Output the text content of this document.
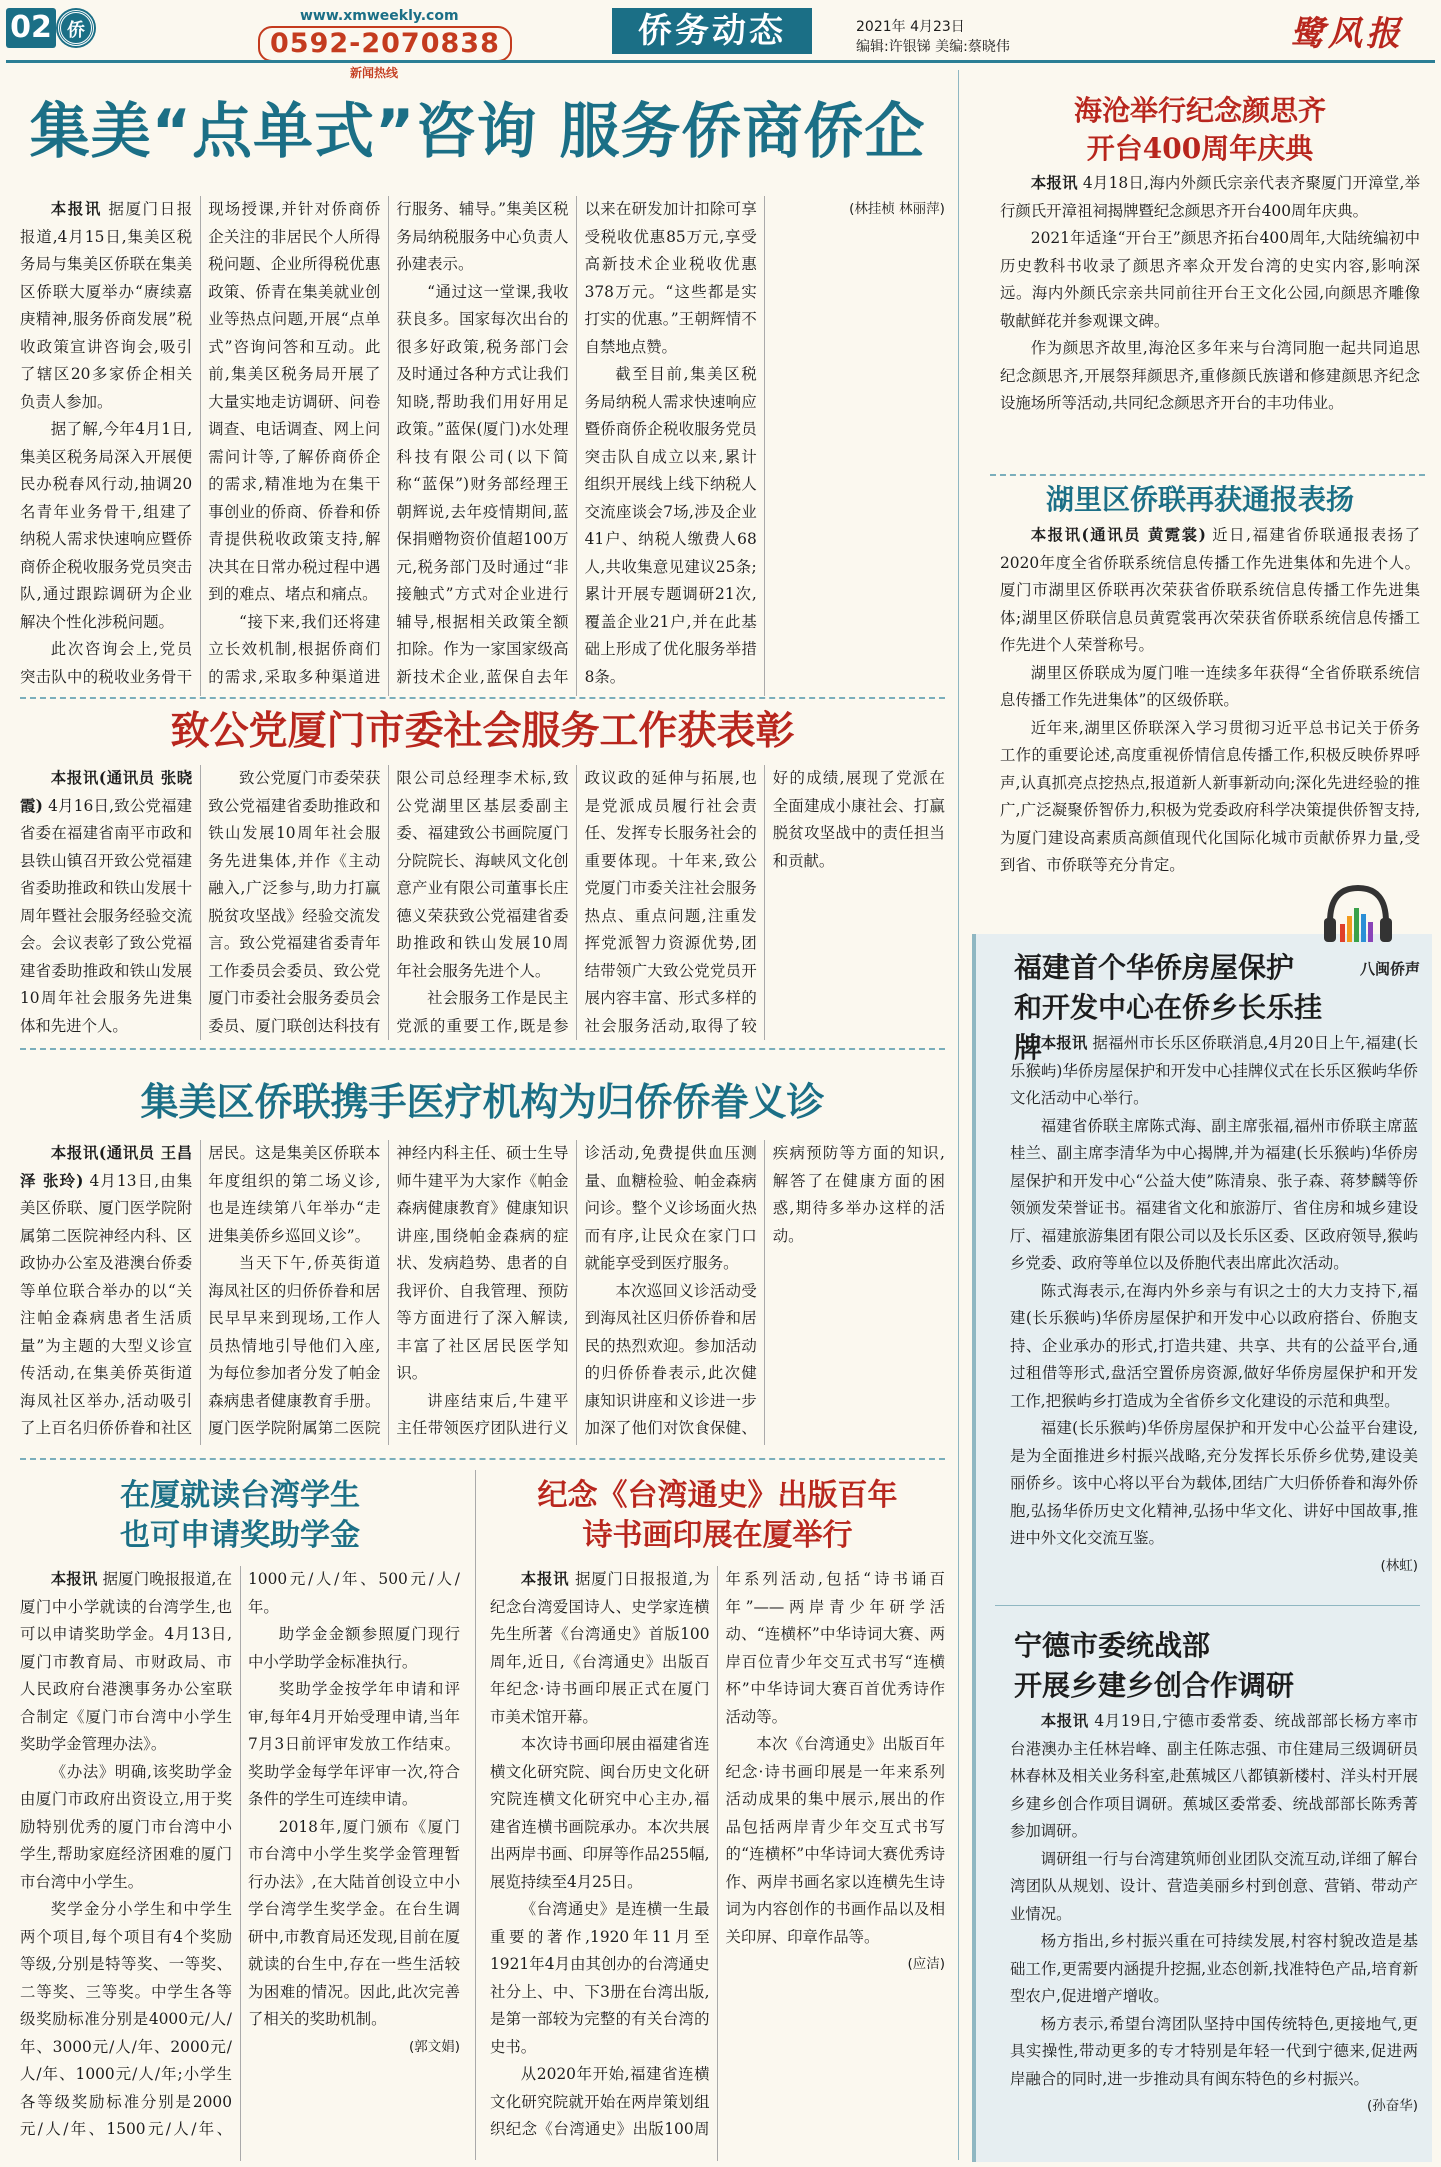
02 侨
www.xmweekly.com
0592-2070838
新闻热线
侨务动态	2021年 4月23日
编辑:许银锑 美编:蔡晓伟	鹭风报
集美“点单式”咨询 服务侨商侨企

本报讯 据厦门日报报道,4月15日,集美区税务局与集美区侨联在集美区侨联大厦举办“赓续嘉庚精神,服务侨商发展”税收政策宣讲咨询会,吸引了辖区20多家侨企相关负责人参加。

据了解,今年4月1日,集美区税务局深入开展便民办税春风行动,抽调20名青年业务骨干,组建了纳税人需求快速响应暨侨商侨企税收服务党员突击队,通过跟踪调研为企业解决个性化涉税问题。

此次咨询会上,党员突击队中的税收业务骨干现场授课,并针对侨商侨企关注的非居民个人所得税问题、企业所得税优惠政策、侨青在集美就业创业等热点问题,开展“点单式”咨询问答和互动。此前,集美区税务局开展了大量实地走访调研、问卷调查、电话调查、网上问需问计等,了解侨商侨企的需求,精准地为在集干事创业的侨商、侨眷和侨青提供税收政策支持,解决其在日常办税过程中遇到的难点、堵点和痛点。

“接下来,我们还将建立长效机制,根据侨商们的需求,采取多种渠道进行服务、辅导。”集美区税务局纳税服务中心负责人孙建表示。

“通过这一堂课,我收获良多。国家每次出台的很多好政策,税务部门会及时通过各种方式让我们知晓,帮助我们用好用足政策。”蓝保(厦门)水处理科技有限公司(以下简称“蓝保”)财务部经理王朝辉说,去年疫情期间,蓝保捐赠物资价值超100万元,税务部门及时通过“非接触式”方式对企业进行辅导,根据相关政策全额扣除。作为一家国家级高新技术企业,蓝保自去年以来在研发加计扣除可享受税收优惠85万元,享受高新技术企业税收优惠378万元。“这些都是实打实的优惠。”王朝辉情不自禁地点赞。

截至目前,集美区税务局纳税人需求快速响应暨侨商侨企税收服务党员突击队自成立以来,累计组织开展线上线下纳税人交流座谈会7场,涉及企业41户、纳税人缴费人68人,共收集意见建议25条;累计开展专题调研21次,覆盖企业21户,并在此基础上形成了优化服务举措8条。

(林挂桢 林丽萍)
致公党厦门市委社会服务工作获表彰

本报讯(通讯员 张晓霞) 4月16日,致公党福建省委在福建省南平市政和县铁山镇召开致公党福建省委助推政和铁山发展十周年暨社会服务经验交流会。会议表彰了致公党福建省委助推政和铁山发展10周年社会服务先进集体和先进个人。

致公党厦门市委荣获致公党福建省委助推政和铁山发展10周年社会服务先进集体,并作《主动融入,广泛参与,助力打赢脱贫攻坚战》经验交流发言。致公党福建省委青年工作委员会委员、致公党厦门市委社会服务委员会委员、厦门联创达科技有限公司总经理李术标,致公党湖里区基层委副主委、福建致公书画院厦门分院院长、海峡风文化创意产业有限公司董事长庄德义荣获致公党福建省委助推政和铁山发展10周年社会服务先进个人。

社会服务工作是民主党派的重要工作,既是参政议政的延伸与拓展,也是党派成员履行社会责任、发挥专长服务社会的重要体现。十年来,致公党厦门市委关注社会服务热点、重点问题,注重发挥党派智力资源优势,团结带领广大致公党党员开展内容丰富、形式多样的社会服务活动,取得了较好的成绩,展现了党派在全面建成小康社会、打赢脱贫攻坚战中的责任担当和贡献。

集美区侨联携手医疗机构为归侨侨眷义诊

本报讯(通讯员 王昌泽 张玲) 4月13日,由集美区侨联、厦门医学院附属第二医院神经内科、区政协办公室及港澳台侨委等单位联合举办的以“关注帕金森病患者生活质量”为主题的大型义诊宣传活动,在集美侨英街道海凤社区举办,活动吸引了上百名归侨侨眷和社区居民。这是集美区侨联本年度组织的第二场义诊,也是连续第八年举办“走进集美侨乡巡回义诊”。

当天下午,侨英街道海凤社区的归侨侨眷和居民早早来到现场,工作人员热情地引导他们入座,为每位参加者分发了帕金森病患者健康教育手册。厦门医学院附属第二医院神经内科主任、硕士生导师牛建平为大家作《帕金森病健康教育》健康知识讲座,围绕帕金森病的症状、发病趋势、患者的自我评价、自我管理、预防等方面进行了深入解读,丰富了社区居民医学知识。

讲座结束后,牛建平主任带领医疗团队进行义诊活动,免费提供血压测量、血糖检验、帕金森病问诊。整个义诊场面火热而有序,让民众在家门口就能享受到医疗服务。

本次巡回义诊活动受到海凤社区归侨侨眷和居民的热烈欢迎。参加活动的归侨侨眷表示,此次健康知识讲座和义诊进一步加深了他们对饮食保健、疾病预防等方面的知识,解答了在健康方面的困惑,期待多举办这样的活动。

在厦就读台湾学生
也可申请奖助学金

本报讯 据厦门晚报报道,在厦门中小学就读的台湾学生,也可以申请奖助学金。4月13日,厦门市教育局、市财政局、市人民政府台港澳事务办公室联合制定《厦门市台湾中小学生奖助学金管理办法》。

《办法》明确,该奖助学金由厦门市政府出资设立,用于奖励特别优秀的厦门市台湾中小学生,帮助家庭经济困难的厦门市台湾中小学生。

奖学金分小学生和中学生两个项目,每个项目有4个奖励等级,分别是特等奖、一等奖、二等奖、三等奖。中学生各等级奖励标准分别是4000元/人/年、3000元/人/年、2000元/人/年、1000元/人/年;小学生各等级奖励标准分别是2000元/人/年、1500元/人/年、1000元/人/年、500元/人/年。

助学金金额参照厦门现行中小学助学金标准执行。

奖助学金按学年申请和评审,每年4月开始受理申请,当年7月3日前评审发放工作结束。奖助学金每学年评审一次,符合条件的学生可连续申请。

2018年,厦门颁布《厦门市台湾中小学生奖学金管理暂行办法》,在大陆首创设立中小学台湾学生奖学金。在台生调研中,市教育局还发现,目前在厦就读的台生中,存在一些生活较为困难的情况。因此,此次完善了相关的奖助机制。

(郭文娟)
纪念《台湾通史》出版百年
诗书画印展在厦举行

本报讯 据厦门日报报道,为纪念台湾爱国诗人、史学家连横先生所著《台湾通史》首版100周年,近日,《台湾通史》出版百年纪念·诗书画印展正式在厦门市美术馆开幕。

本次诗书画印展由福建省连横文化研究院、闽台历史文化研究院连横文化研究中心主办,福建省连横书画院承办。本次共展出两岸书画、印屏等作品255幅,展览持续至4月25日。

《台湾通史》是连横一生最重要的著作,1920年11月至1921年4月由其创办的台湾通史社分上、中、下3册在台湾出版,是第一部较为完整的有关台湾的史书。

从2020年开始,福建省连横文化研究院就开始在两岸策划组织纪念《台湾通史》出版100周年系列活动,包括“诗书诵百年”——两岸青少年研学活动、“连横杯”中华诗词大赛、两岸百位青少年交互式书写“连横杯”中华诗词大赛百首优秀诗作活动等。

本次《台湾通史》出版百年纪念·诗书画印展是一年来系列活动成果的集中展示,展出的作品包括两岸青少年交互式书写的“连横杯”中华诗词大赛优秀诗作、两岸书画名家以连横先生诗词为内容创作的书画作品以及相关印屏、印章作品等。

(应洁)
海沧举行纪念颜思齐
开台400周年庆典

本报讯 4月18日,海内外颜氏宗亲代表齐聚厦门开漳堂,举行颜氏开漳祖祠揭牌暨纪念颜思齐开台400周年庆典。

2021年适逢“开台王”颜思齐拓台400周年,大陆统编初中历史教科书收录了颜思齐率众开发台湾的史实内容,影响深远。海内外颜氏宗亲共同前往开台王文化公园,向颜思齐雕像敬献鲜花并参观课文碑。

作为颜思齐故里,海沧区多年来与台湾同胞一起共同追思纪念颜思齐,开展祭拜颜思齐,重修颜氏族谱和修建颜思齐纪念设施场所等活动,共同纪念颜思齐开台的丰功伟业。

湖里区侨联再获通报表扬

本报讯(通讯员 黄霓裳) 近日,福建省侨联通报表扬了2020年度全省侨联系统信息传播工作先进集体和先进个人。厦门市湖里区侨联再次荣获省侨联系统信息传播工作先进集体;湖里区侨联信息员黄霓裳再次荣获省侨联系统信息传播工作先进个人荣誉称号。

湖里区侨联成为厦门唯一连续多年获得“全省侨联系统信息传播工作先进集体”的区级侨联。

近年来,湖里区侨联深入学习贯彻习近平总书记关于侨务工作的重要论述,高度重视侨情信息传播工作,积极反映侨界呼声,认真抓亮点挖热点,报道新人新事新动向;深化先进经验的推广,广泛凝聚侨智侨力,积极为党委政府科学决策提供侨智支持,为厦门建设高素质高颜值现代化国际化城市贡献侨界力量,受到省、市侨联等充分肯定。

八闽侨声
福建首个华侨房屋保护
和开发中心在侨乡长乐挂牌

本报讯 据福州市长乐区侨联消息,4月20日上午,福建(长乐猴屿)华侨房屋保护和开发中心挂牌仪式在长乐区猴屿华侨文化活动中心举行。

福建省侨联主席陈式海、副主席张福,福州市侨联主席蓝桂兰、副主席李清华为中心揭牌,并为福建(长乐猴屿)华侨房屋保护和开发中心“公益大使”陈清泉、张子森、蒋梦麟等侨领颁发荣誉证书。福建省文化和旅游厅、省住房和城乡建设厅、福建旅游集团有限公司以及长乐区委、区政府领导,猴屿乡党委、政府等单位以及侨胞代表出席此次活动。

陈式海表示,在海内外乡亲与有识之士的大力支持下,福建(长乐猴屿)华侨房屋保护和开发中心以政府搭台、侨胞支持、企业承办的形式,打造共建、共享、共有的公益平台,通过租借等形式,盘活空置侨房资源,做好华侨房屋保护和开发工作,把猴屿乡打造成为全省侨乡文化建设的示范和典型。

福建(长乐猴屿)华侨房屋保护和开发中心公益平台建设,是为全面推进乡村振兴战略,充分发挥长乐侨乡优势,建设美丽侨乡。该中心将以平台为载体,团结广大归侨侨眷和海外侨胞,弘扬华侨历史文化精神,弘扬中华文化、讲好中国故事,推进中外文化交流互鉴。

(林虹)
宁德市委统战部
开展乡建乡创合作调研

本报讯 4月19日,宁德市委常委、统战部部长杨方率市台港澳办主任林岩峰、副主任陈志强、市住建局三级调研员林春林及相关业务科室,赴蕉城区八都镇新楼村、洋头村开展乡建乡创合作项目调研。蕉城区委常委、统战部部长陈秀菁参加调研。

调研组一行与台湾建筑师创业团队交流互动,详细了解台湾团队从规划、设计、营造美丽乡村到创意、营销、带动产业情况。

杨方指出,乡村振兴重在可持续发展,村容村貌改造是基础工作,更需要内涵提升挖掘,业态创新,找准特色产品,培育新型农户,促进增产增收。

杨方表示,希望台湾团队坚持中国传统特色,更接地气,更具实操性,带动更多的专才特别是年轻一代到宁德来,促进两岸融合的同时,进一步推动具有闽东特色的乡村振兴。

(孙奋华)
